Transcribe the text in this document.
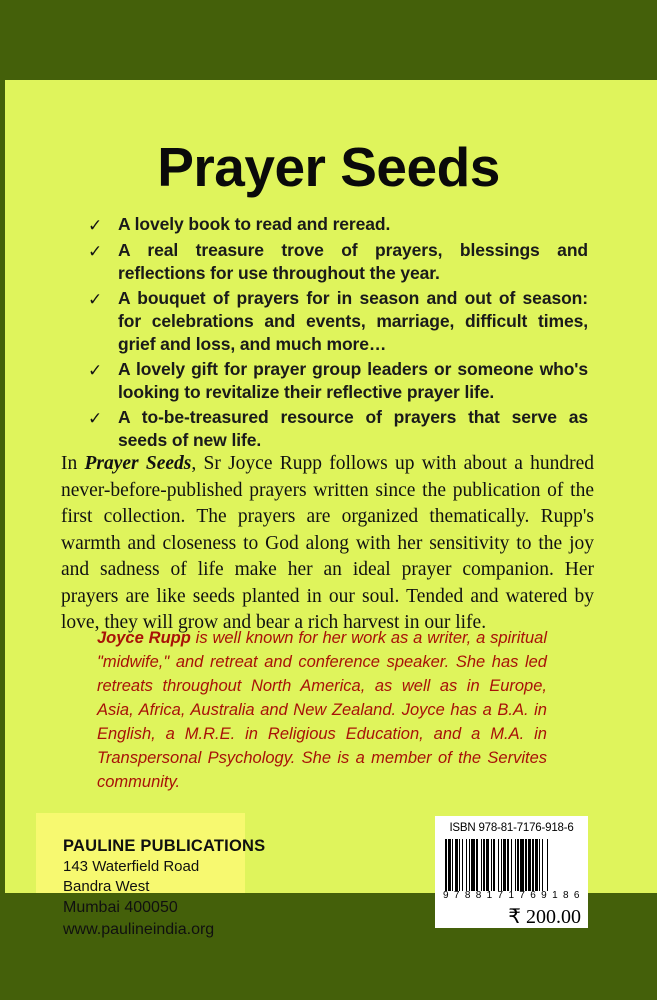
Prayer Seeds
✓ A lovely book to read and reread.
✓ A real treasure trove of prayers, blessings and reflections for use throughout the year.
✓ A bouquet of prayers for in season and out of season: for celebrations and events, marriage, difficult times, grief and loss, and much more…
✓ A lovely gift for prayer group leaders or someone who's looking to revitalize their reflective prayer life.
✓ A to-be-treasured resource of prayers that serve as seeds of new life.
In Prayer Seeds, Sr Joyce Rupp follows up with about a hundred never-before-published prayers written since the publication of the first collection. The prayers are organized thematically. Rupp's warmth and closeness to God along with her sensitivity to the joy and sadness of life make her an ideal prayer companion. Her prayers are like seeds planted in our soul. Tended and watered by love, they will grow and bear a rich harvest in our life.
Joyce Rupp is well known for her work as a writer, a spiritual "midwife," and retreat and conference speaker. She has led retreats throughout North America, as well as in Europe, Asia, Africa, Australia and New Zealand. Joyce has a B.A. in English, a M.R.E. in Religious Education, and a M.A. in Transpersonal Psychology. She is a member of the Servites community.
PAULINE PUBLICATIONS
143 Waterfield Road
Bandra West
Mumbai 400050
www.paulineindia.org
ISBN 978-81-7176-918-6
9 7 8 8 1 7 1 7 6 9 1 8 6
₹ 200.00
